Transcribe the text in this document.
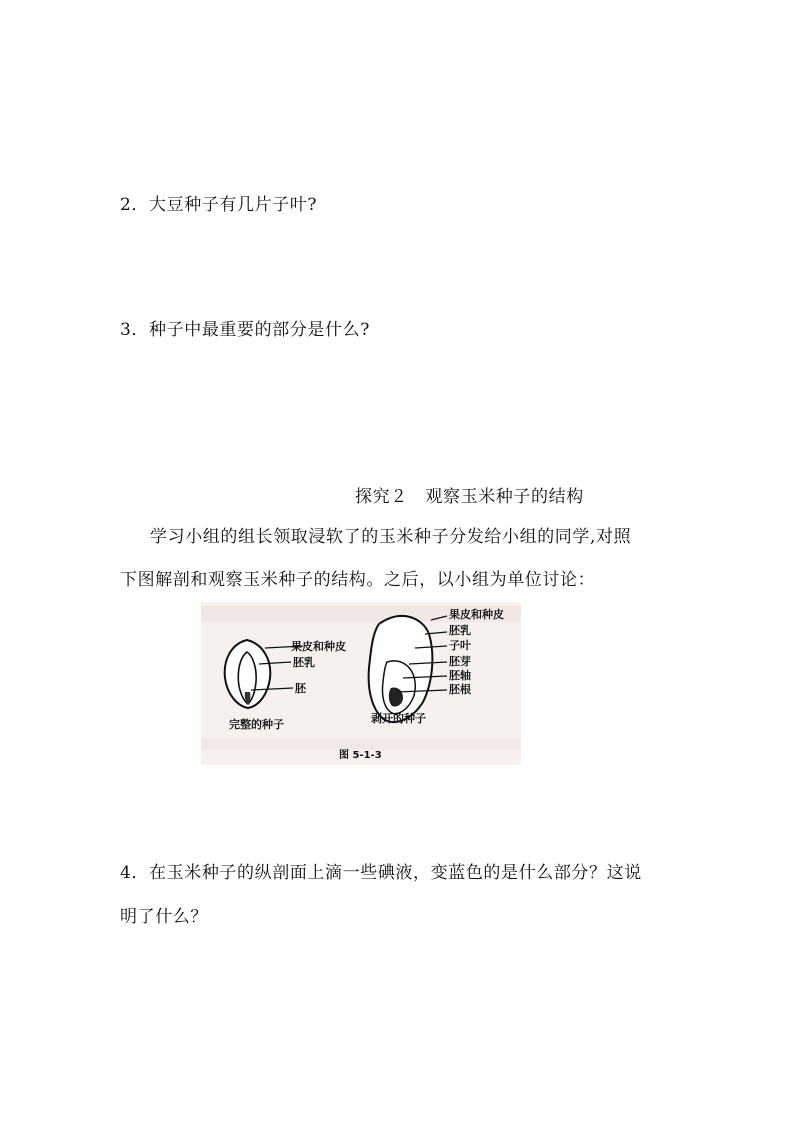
2．大豆种子有几片子叶?
3．种子中最重要的部分是什么?
探究２　观察玉米种子的结构
学习小组的组长领取浸软了的玉米种子分发给小组的同学,对照
下图解剖和观察玉米种子的结构。之后，以小组为单位讨论：
果皮和种皮
胚乳
胚
完整的种子
果皮和种皮
胚乳
子叶
胚芽
胚轴
胚根
剥开的种子
图 5-1-3
4．在玉米种子的纵剖面上滴一些碘液，变蓝色的是什么部分？这说
明了什么？
